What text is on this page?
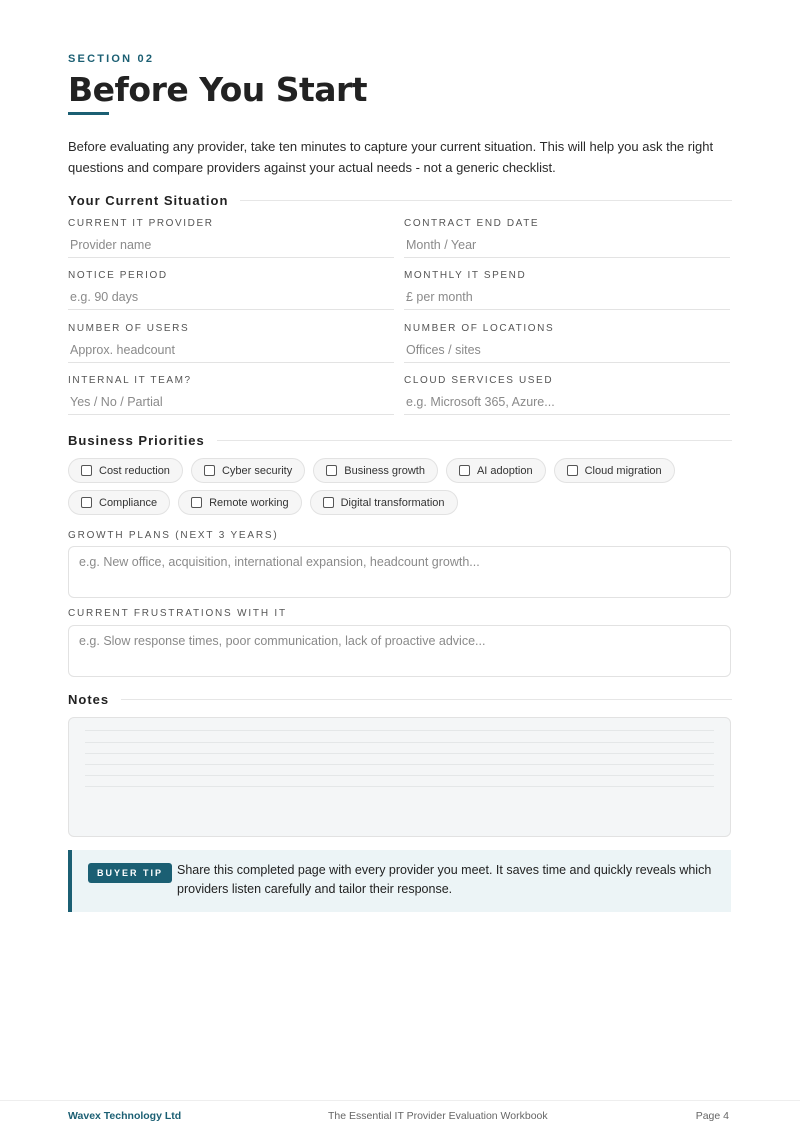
SECTION 02
Before You Start

Before evaluating any provider, take ten minutes to capture your current situation. This will help you ask the right questions and compare providers against your actual needs - not a generic checklist.

Your Current Situation
CURRENT IT PROVIDER
Provider name
CONTRACT END DATE
Month / Year
NOTICE PERIOD
e.g. 90 days
MONTHLY IT SPEND
£ per month
NUMBER OF USERS
Approx. headcount
NUMBER OF LOCATIONS
Offices / sites
INTERNAL IT TEAM?
Yes / No / Partial
CLOUD SERVICES USED
e.g. Microsoft 365, Azure...
Business Priorities
Cost reduction	Cyber security	Business growth	AI adoption	Cloud migration
Compliance	Remote working	Digital transformation
GROWTH PLANS (NEXT 3 YEARS)
e.g. New office, acquisition, international expansion, headcount growth...
CURRENT FRUSTRATIONS WITH IT
e.g. Slow response times, poor communication, lack of proactive advice...
Notes
BUYER TIP	Share this completed page with every provider you meet. It saves time and quickly reveals which providers listen carefully and tailor their response.

Wavex Technology Ltd	The Essential IT Provider Evaluation Workbook	Page 4
